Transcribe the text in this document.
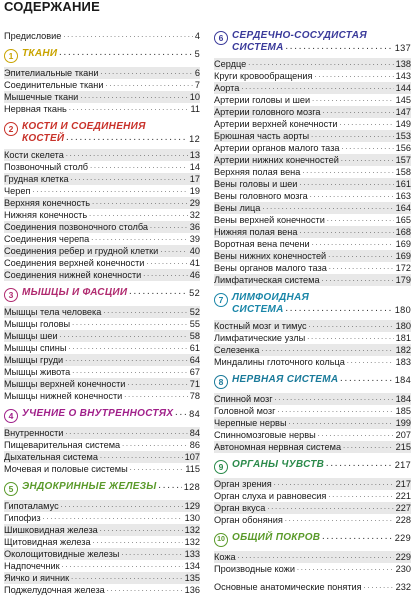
СОДЕРЖАНИЕ
Предисловие . . .	4
1 ТКАНИ . . .	5
Эпителиальные ткани . . .	6
Соединительные ткани . . .	7
Мышечные ткани . . .	10
Нервная ткань . . .	11
2 КОСТИ И СОЕДИНЕНИЯ
КОСТЕЙ . . .	12
Кости скелета . . .	13
Позвоночный столб . . .	14
Грудная клетка . . .	17
Череп . . .	19
Верхняя конечность . . .	29
Нижняя конечность . . .	32
Соединения позвоночного столба . . .	36
Соединения черепа . . .	39
Соединения ребер и грудной клетки . . .	40
Соединения верхней конечности . . .	41
Соединения нижней конечности . . .	46
3 МЫШЦЫ И ФАСЦИИ . . .	52
Мышцы тела человека . . .	52
Мышцы головы . . .	55
Мышцы шеи . . .	58
Мышцы спины . . .	61
Мышцы груди . . .	64
Мышцы живота . . .	67
Мышцы верхней конечности . . .	71
Мышцы нижней конечности . . .	78
4 УЧЕНИЕ О ВНУТРЕННОСТЯХ . . . 84
Внутренности . . .	84
Пищеварительная система . . .	86
Дыхательная система . . .	107
Мочевая и половые системы . . .	115
5 ЭНДОКРИННЫЕ ЖЕЛЕЗЫ . . .	128
Гипоталамус . . .	129
Гипофиз . . .	130
Шишковидная железа . . .	132
Щитовидная железа . . .	132
Околощитовидные железы . . .	133
Надпочечник . . .	134
Яичко и яичник . . .	135
Поджелудочная железа . . .	136
6 СЕРДЕЧНО-СОСУДИСТАЯ
СИСТЕМА . . .	137
Сердце . . .	138
Круги кровообращения . . .	143
Аорта . . .	144
Артерии головы и шеи . . .	145
Артерии головного мозга . . .	147
Артерии верхней конечности . . .	149
Брюшная часть аорты . . .	153
Артерии органов малого таза . . .	156
Артерии нижних конечностей . . .	157
Верхняя полая вена . . .	158
Вены головы и шеи . . .	161
Вены головного мозга . . .	163
Вены лица . . .	164
Вены верхней конечности . . .	165
Нижняя полая вена . . .	168
Воротная вена печени . . .	169
Вены нижних конечностей . . .	169
Вены органов малого таза . . .	172
Лимфатическая система . . .	179
7 ЛИМФОИДНАЯ
СИСТЕМА . . .	180
Костный мозг и тимус . . .	180
Лимфатические узлы . . .	181
Селезенка . . .	182
Миндалины глоточного кольца . . .	183
8 НЕРВНАЯ СИСТЕМА . . .	184
Спинной мозг . . .	184
Головной мозг . . .	185
Черепные нервы . . .	199
Спинномозговые нервы . . .	207
Автономная нервная система . . .	215
9 ОРГАНЫ ЧУВСТВ . . .	217
Орган зрения . . .	217
Орган слуха и равновесия . . .	221
Орган вкуса . . .	227
Орган обоняния . . .	228
10 ОБЩИЙ ПОКРОВ . . .	229
Кожа . . .	229
Производные кожи . . .	230
Основные анатомические понятия . . .	232
